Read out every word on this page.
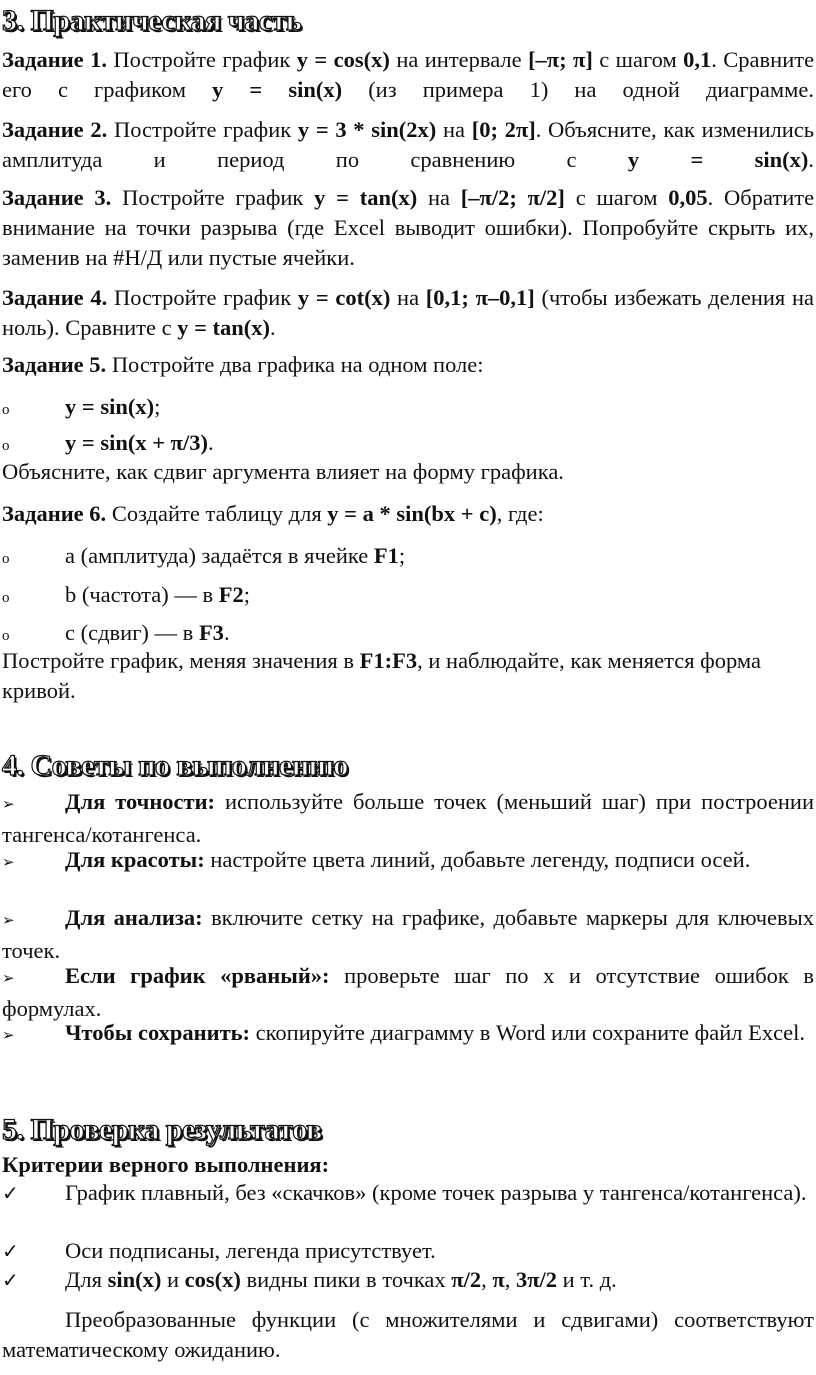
3. Практическая часть

Задание 1. Постройте график y = cos(x) на интервале [–π; π] с шагом 0,1. Сравните его с графиком y = sin(x) (из примера 1) на одной диаграмме.

Задание 2. Постройте график y = 3 * sin(2x) на [0; 2π]. Объясните, как изменились амплитуда и период по сравнению с y = sin(x).

Задание 3. Постройте график y = tan(x) на [–π/2; π/2] с шагом 0,05. Обратите внимание на точки разрыва (где Excel выводит ошибки). Попробуйте скрыть их, заменив на #Н/Д или пустые ячейки.

Задание 4. Постройте график y = cot(x) на [0,1; π–0,1] (чтобы избежать деления на ноль). Сравните с y = tan(x).

Задание 5. Постройте два графика на одном поле:

o y = sin(x);

o y = sin(x + π/3).

Объясните, как сдвиг аргумента влияет на форму графика.

Задание 6. Создайте таблицу для y = a * sin(bx + c), где:

o a (амплитуда) задаётся в ячейке F1;

o b (частота) — в F2;

o c (сдвиг) — в F3.

Постройте график, меняя значения в F1:F3, и наблюдайте, как меняется форма кривой.

4. Советы по выполнению

➢ Для точности: используйте больше точек (меньший шаг) при построении тангенса/котангенса.

➢ Для красоты: настройте цвета линий, добавьте легенду, подписи осей.

➢ Для анализа: включите сетку на графике, добавьте маркеры для ключевых точек.

➢ Если график «рваный»: проверьте шаг по x и отсутствие ошибок в формулах.

➢ Чтобы сохранить: скопируйте диаграмму в Word или сохраните файл Excel.

5. Проверка результатов

Критерии верного выполнения:

✓ График плавный, без «скачков» (кроме точек разрыва у тангенса/котангенса).

✓ Оси подписаны, легенда присутствует.

✓ Для sin(x) и cos(x) видны пики в точках π/2, π, 3π/2 и т. д.

Преобразованные функции (с множителями и сдвигами) соответствуют математическому ожиданию.
